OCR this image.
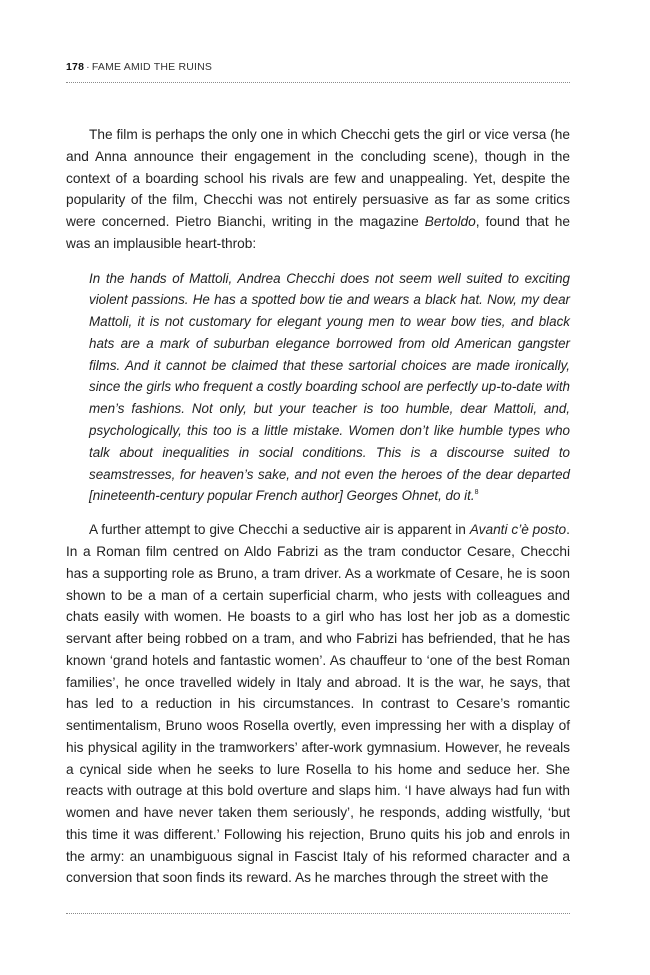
178 · FAME AMID THE RUINS

The film is perhaps the only one in which Checchi gets the girl or vice versa (he and Anna announce their engagement in the concluding scene), though in the context of a boarding school his rivals are few and unappealing. Yet, despite the popularity of the film, Checchi was not entirely persuasive as far as some critics were concerned. Pietro Bianchi, writing in the magazine Bertoldo, found that he was an implausible heart-throb:

In the hands of Mattoli, Andrea Checchi does not seem well suited to exciting violent passions. He has a spotted bow tie and wears a black hat. Now, my dear Mattoli, it is not customary for elegant young men to wear bow ties, and black hats are a mark of suburban elegance borrowed from old American gangster films. And it cannot be claimed that these sartorial choices are made ironically, since the girls who frequent a costly boarding school are perfectly up-to-date with men’s fashions. Not only, but your teacher is too humble, dear Mattoli, and, psychologically, this too is a little mistake. Women don’t like humble types who talk about inequalities in social conditions. This is a discourse suited to seamstresses, for heaven’s sake, and not even the heroes of the dear departed [nineteenth-century popular French author] Georges Ohnet, do it.$^8$

A further attempt to give Checchi a seductive air is apparent in Avanti c’è posto. In a Roman film centred on Aldo Fabrizi as the tram conductor Cesare, Checchi has a supporting role as Bruno, a tram driver. As a workmate of Cesare, he is soon shown to be a man of a certain superficial charm, who jests with colleagues and chats easily with women. He boasts to a girl who has lost her job as a domestic servant after being robbed on a tram, and who Fabrizi has befriended, that he has known ‘grand hotels and fantastic women’. As chauffeur to ‘one of the best Roman families’, he once travelled widely in Italy and abroad. It is the war, he says, that has led to a reduction in his circumstances. In contrast to Cesare’s romantic sentimentalism, Bruno woos Rosella overtly, even impressing her with a display of his physical agility in the tramworkers’ after-work gymnasium. However, he reveals a cynical side when he seeks to lure Rosella to his home and seduce her. She reacts with outrage at this bold overture and slaps him. ‘I have always had fun with women and have never taken them seriously’, he responds, adding wistfully, ‘but this time it was different.’ Following his rejection, Bruno quits his job and enrols in the army: an unambiguous signal in Fascist Italy of his reformed character and a conversion that soon finds its reward. As he marches through the street with the
